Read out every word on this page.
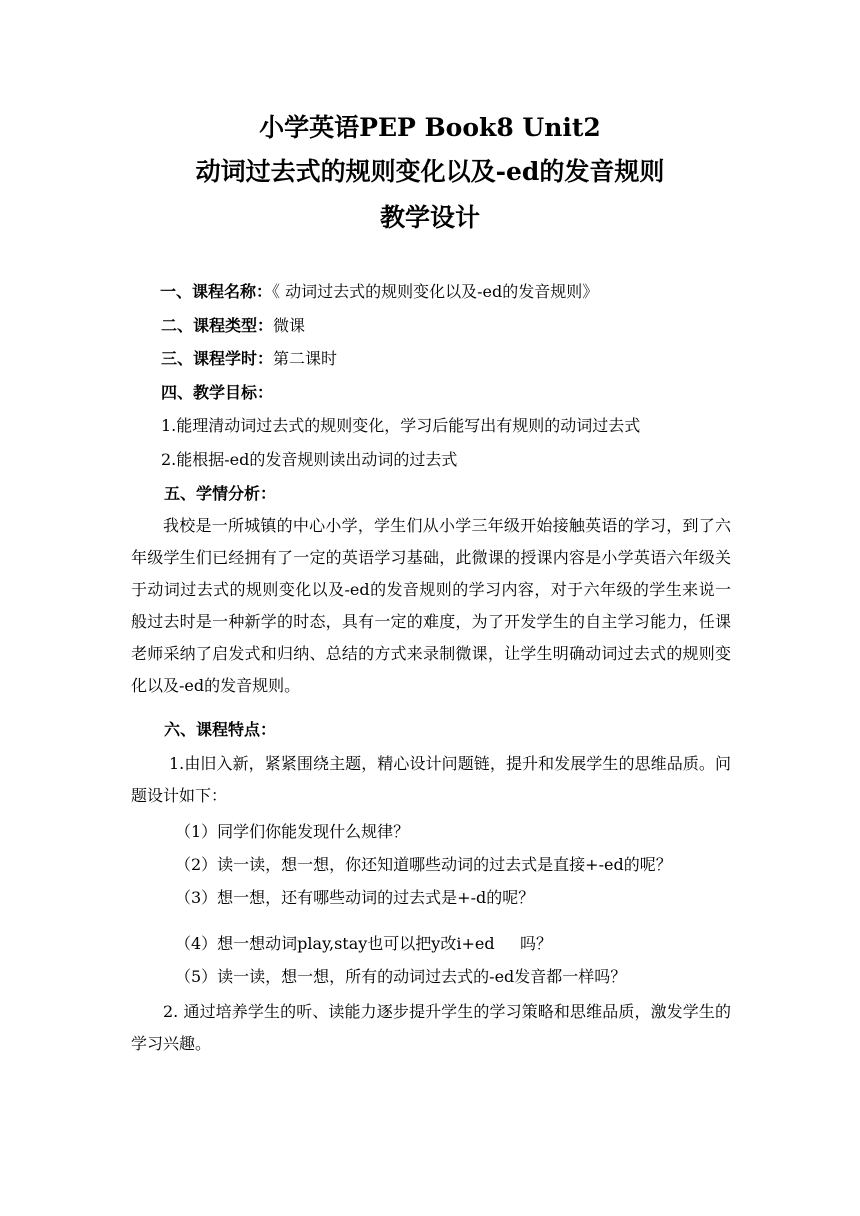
小学英语PEP Book8 Unit2
动词过去式的规则变化以及-ed的发音规则
教学设计
一、课程名称：《 动词过去式的规则变化以及-ed的发音规则》
二、课程类型：微课
三、课程学时：第二课时
四、教学目标：
1.能理清动词过去式的规则变化，学习后能写出有规则的动词过去式
2.能根据-ed的发音规则读出动词的过去式
五、学情分析：
我校是一所城镇的中心小学，学生们从小学三年级开始接触英语的学习，到了六年级学生们已经拥有了一定的英语学习基础，此微课的授课内容是小学英语六年级关于动词过去式的规则变化以及-ed的发音规则的学习内容，对于六年级的学生来说一般过去时是一种新学的时态，具有一定的难度，为了开发学生的自主学习能力，任课老师采纳了启发式和归纳、总结的方式来录制微课，让学生明确动词过去式的规则变化以及-ed的发音规则。
六、课程特点：
1.由旧入新，紧紧围绕主题，精心设计问题链，提升和发展学生的思维品质。问题设计如下：
（1）同学们你能发现什么规律？
（2）读一读，想一想，你还知道哪些动词的过去式是直接+-ed的呢？
（3）想一想，还有哪些动词的过去式是+-d的呢？
（4）想一想动词play,stay也可以把y改i+ed     吗？
（5）读一读，想一想，所有的动词过去式的-ed发音都一样吗？
2. 通过培养学生的听、读能力逐步提升学生的学习策略和思维品质，激发学生的学习兴趣。
